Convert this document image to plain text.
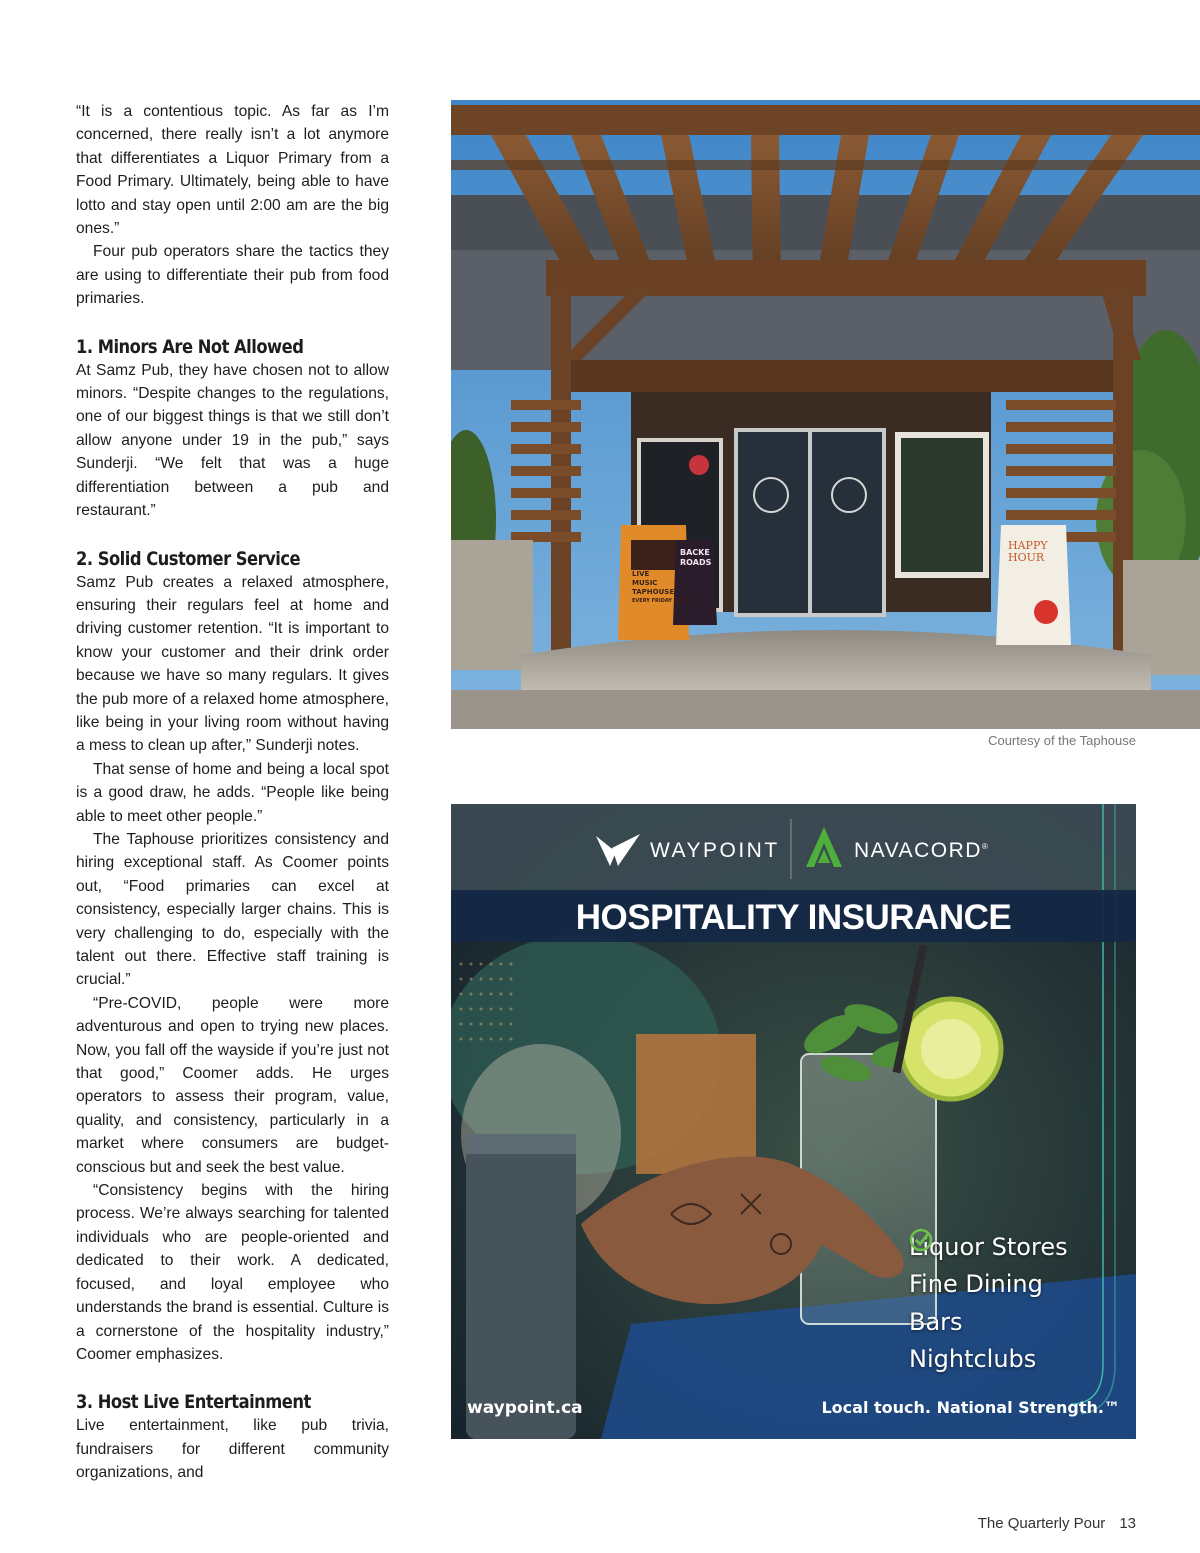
“It is a contentious topic. As far as I’m concerned, there really isn’t a lot anymore that differentiates a Liquor Primary from a Food Primary. Ultimately, being able to have lotto and stay open until 2:00 am are the big ones.”

Four pub operators share the tactics they are using to differentiate their pub from food primaries.

1. Minors Are Not Allowed

At Samz Pub, they have chosen not to allow minors. “Despite changes to the regulations, one of our biggest things is that we still don’t allow anyone under 19 in the pub,” says Sunderji. “We felt that was a huge differentiation between a pub and restaurant.”

2. Solid Customer Service

Samz Pub creates a relaxed atmosphere, ensuring their regulars feel at home and driving customer retention. “It is important to know your customer and their drink order because we have so many regulars. It gives the pub more of a relaxed home atmosphere, like being in your living room without having a mess to clean up after,” Sunderji notes.

That sense of home and being a local spot is a good draw, he adds. “People like being able to meet other people.”

The Taphouse prioritizes consistency and hiring exceptional staff. As Coomer points out, “Food primaries can excel at consistency, especially larger chains. This is very challenging to do, especially with the talent out there. Effective staff training is crucial.”

“Pre-COVID, people were more adventurous and open to trying new places. Now, you fall off the wayside if you’re just not that good,” Coomer adds. He urges operators to assess their program, value, quality, and consistency, particularly in a market where consumers are budget-conscious but and seek the best value.

“Consistency begins with the hiring process. We’re always searching for talented individuals who are people-oriented and dedicated to their work. A dedicated, focused, and loyal employee who understands the brand is essential. Culture is a cornerstone of the hospitality industry,” Coomer emphasizes.

3. Host Live Entertainment

Live entertainment, like pub trivia, fundraisers for different community organizations, and

LIVE
MUSIC
TAPHOUSE
EVERY FRIDAY AT 8PM
BACKE
ROADS
HAPPY
HOUR
Courtesy of the Taphouse
WAYPOINT	NAVACORD®
HOSPITALITY INSURANCE
Liquor Stores
Fine Dining
Bars
Nightclubs
waypoint.ca	Local touch. National Strength.™
The Quarterly Pour 13
